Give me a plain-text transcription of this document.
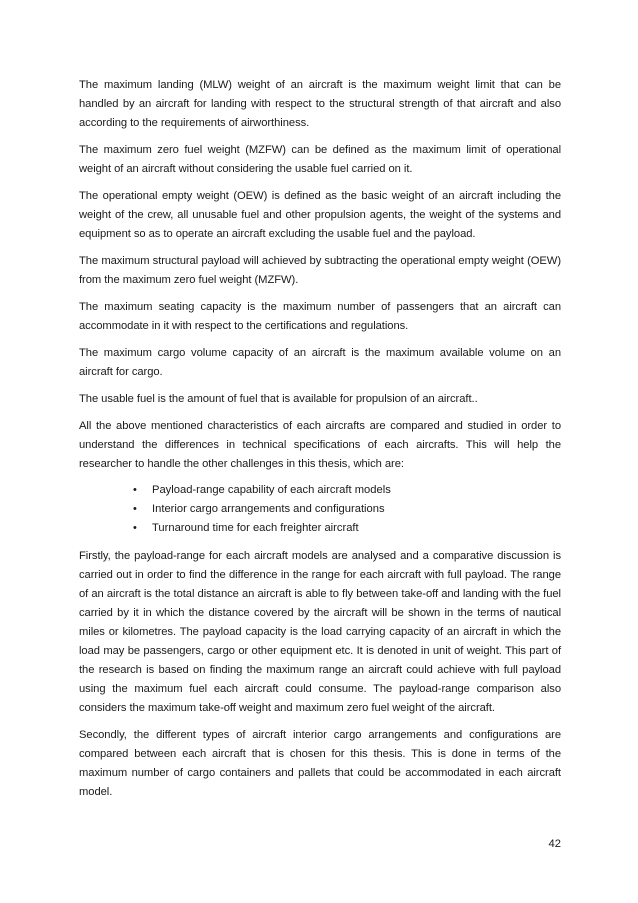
The maximum landing (MLW) weight of an aircraft is the maximum weight limit that can be handled by an aircraft for landing with respect to the structural strength of that aircraft and also according to the requirements of airworthiness.

The maximum zero fuel weight (MZFW) can be defined as the maximum limit of operational weight of an aircraft without considering the usable fuel carried on it.

The operational empty weight (OEW) is defined as the basic weight of an aircraft including the weight of the crew, all unusable fuel and other propulsion agents, the weight of the systems and equipment so as to operate an aircraft excluding the usable fuel and the payload.

The maximum structural payload will achieved by subtracting the operational empty weight (OEW) from the maximum zero fuel weight (MZFW).

The maximum seating capacity is the maximum number of passengers that an aircraft can accommodate in it with respect to the certifications and regulations.

The maximum cargo volume capacity of an aircraft is the maximum available volume on an aircraft for cargo.

The usable fuel is the amount of fuel that is available for propulsion of an aircraft..

All the above mentioned characteristics of each aircrafts are compared and studied in order to understand the differences in technical specifications of each aircrafts. This will help the researcher to handle the other challenges in this thesis, which are:

• Payload-range capability of each aircraft models
• Interior cargo arrangements and configurations
• Turnaround time for each freighter aircraft

Firstly, the payload-range for each aircraft models are analysed and a comparative discussion is carried out in order to find the difference in the range for each aircraft with full payload. The range of an aircraft is the total distance an aircraft is able to fly between take-off and landing with the fuel carried by it in which the distance covered by the aircraft will be shown in the terms of nautical miles or kilometres. The payload capacity is the load carrying capacity of an aircraft in which the load may be passengers, cargo or other equipment etc. It is denoted in unit of weight. This part of the research is based on finding the maximum range an aircraft could achieve with full payload using the maximum fuel each aircraft could consume. The payload-range comparison also considers the maximum take-off weight and maximum zero fuel weight of the aircraft.

Secondly, the different types of aircraft interior cargo arrangements and configurations are compared between each aircraft that is chosen for this thesis. This is done in terms of the maximum number of cargo containers and pallets that could be accommodated in each aircraft model.

42
